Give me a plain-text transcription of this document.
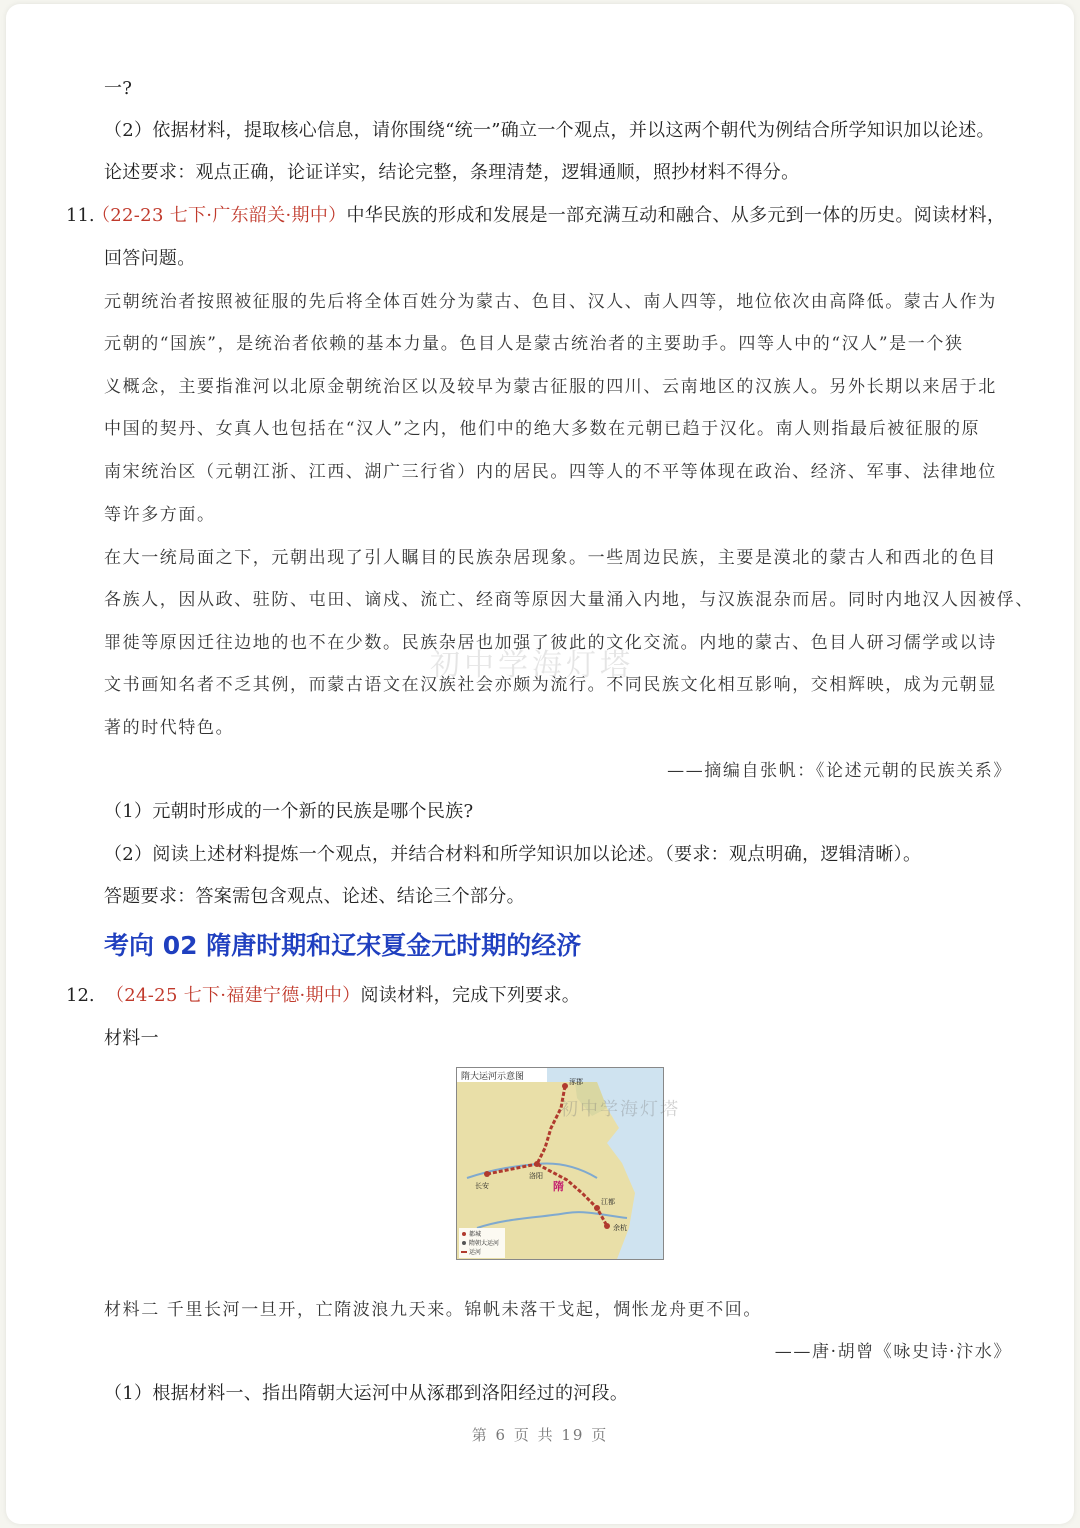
一?
（2）依据材料，提取核心信息，请你围绕“统一”确立一个观点，并以这两个朝代为例结合所学知识加以论述。
论述要求：观点正确，论证详实，结论完整，条理清楚，逻辑通顺，照抄材料不得分。
11.
（22-23 七下·广东韶关·期中）中华民族的形成和发展是一部充满互动和融合、从多元到一体的历史。阅读材料，
回答问题。
元朝统治者按照被征服的先后将全体百姓分为蒙古、色目、汉人、南人四等，地位依次由高降低。蒙古人作为
元朝的“国族”，是统治者依赖的基本力量。色目人是蒙古统治者的主要助手。四等人中的“汉人”是一个狭
义概念，主要指淮河以北原金朝统治区以及较早为蒙古征服的四川、云南地区的汉族人。另外长期以来居于北
中国的契丹、女真人也包括在“汉人”之内，他们中的绝大多数在元朝已趋于汉化。南人则指最后被征服的原
南宋统治区（元朝江浙、江西、湖广三行省）内的居民。四等人的不平等体现在政治、经济、军事、法律地位
等许多方面。
在大一统局面之下，元朝出现了引人瞩目的民族杂居现象。一些周边民族，主要是漠北的蒙古人和西北的色目
各族人，因从政、驻防、屯田、谪戍、流亡、经商等原因大量涌入内地，与汉族混杂而居。同时内地汉人因被俘、
罪徙等原因迁往边地的也不在少数。民族杂居也加强了彼此的文化交流。内地的蒙古、色目人研习儒学或以诗
文书画知名者不乏其例，而蒙古语文在汉族社会亦颇为流行。不同民族文化相互影响，交相辉映，成为元朝显
著的时代特色。
——摘编自张帆：《论述元朝的民族关系》
（1）元朝时形成的一个新的民族是哪个民族?
（2）阅读上述材料提炼一个观点，并结合材料和所学知识加以论述。（要求：观点明确，逻辑清晰）。
答题要求：答案需包含观点、论述、结论三个部分。
考向 02 隋唐时期和辽宋夏金元时期的经济
12. （24-25 七下·福建宁德·期中）阅读材料，完成下列要求。
材料一
隋大运河示意图	涿郡
长安
洛阳
余杭
江都
隋
都城
隋朝大运河
运河
材料二 千里长河一旦开，亡隋波浪九天来。锦帆未落干戈起，惆怅龙舟更不回。
——唐·胡曾《咏史诗·汴水》
（1）根据材料一、指出隋朝大运河中从涿郡到洛阳经过的河段。
初中学海灯塔
初中学海灯塔
第 6 页 共 19 页
